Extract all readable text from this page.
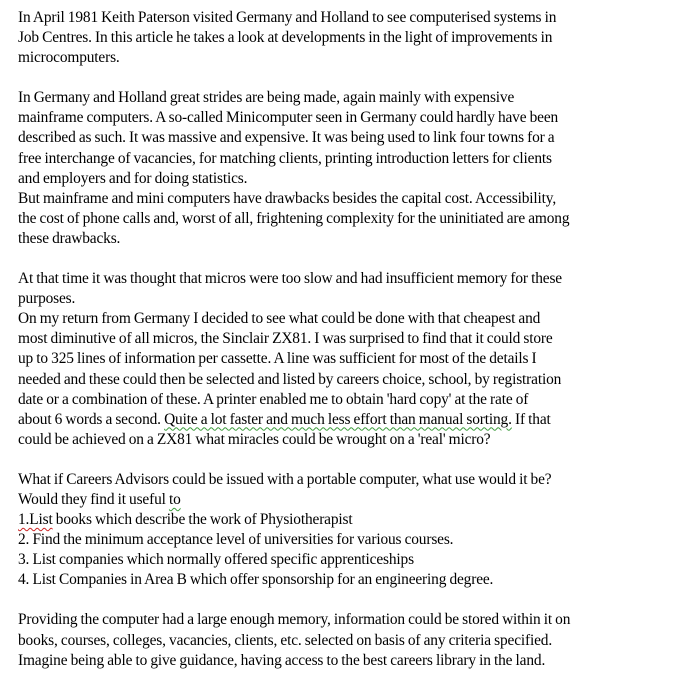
In April 1981 Keith Paterson visited Germany and Holland to see computerised systems in
Job Centres. In this article he takes a look at developments in the light of improvements in
microcomputers.
In Germany and Holland great strides are being made, again mainly with expensive
mainframe computers. A so-called Minicomputer seen in Germany could hardly have been
described as such. It was massive and expensive. It was being used to link four towns for a
free interchange of vacancies, for matching clients, printing introduction letters for clients
and employers and for doing statistics.
But mainframe and mini computers have drawbacks besides the capital cost. Accessibility,
the cost of phone calls and, worst of all, frightening complexity for the uninitiated are among
these drawbacks.
At that time it was thought that micros were too slow and had insufficient memory for these
purposes.
On my return from Germany I decided to see what could be done with that cheapest and
most diminutive of all micros, the Sinclair ZX81. I was surprised to find that it could store
up to 325 lines of information per cassette. A line was sufficient for most of the details I
needed and these could then be selected and listed by careers choice, school, by registration
date or a combination of these. A printer enabled me to obtain 'hard copy' at the rate of
about 6 words a second. Quite a lot faster and much less effort than manual sorting. If that
could be achieved on a ZX81 what miracles could be wrought on a 'real' micro?
What if Careers Advisors could be issued with a portable computer, what use would it be?
Would they find it useful to
1.List books which describe the work of Physiotherapist
2. Find the minimum acceptance level of universities for various courses.
3. List companies which normally offered specific apprenticeships
4. List Companies in Area B which offer sponsorship for an engineering degree.
Providing the computer had a large enough memory, information could be stored within it on
books, courses, colleges, vacancies, clients, etc. selected on basis of any criteria specified.
Imagine being able to give guidance, having access to the best careers library in the land.
